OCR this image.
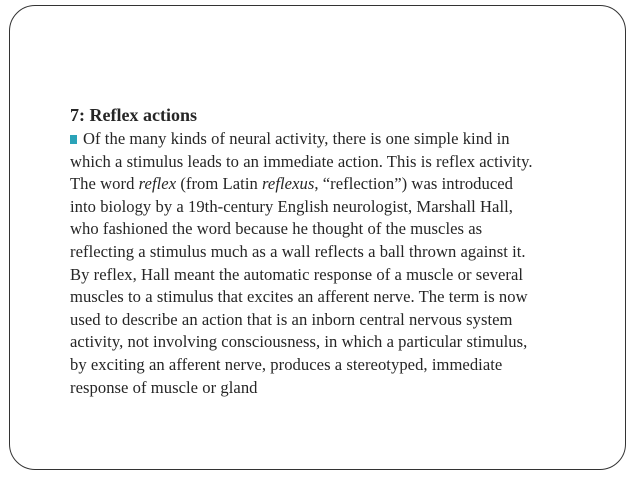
7: Reflex actions

Of the many kinds of neural activity, there is one simple kind in
which a stimulus leads to an immediate action. This is reflex activity.
The word reflex (from Latin reflexus, “reflection”) was introduced
into biology by a 19th-century English neurologist, Marshall Hall,
who fashioned the word because he thought of the muscles as
reflecting a stimulus much as a wall reflects a ball thrown against it.
By reflex, Hall meant the automatic response of a muscle or several
muscles to a stimulus that excites an afferent nerve. The term is now
used to describe an action that is an inborn central nervous system
activity, not involving consciousness, in which a particular stimulus,
by exciting an afferent nerve, produces a stereotyped, immediate
response of muscle or gland
